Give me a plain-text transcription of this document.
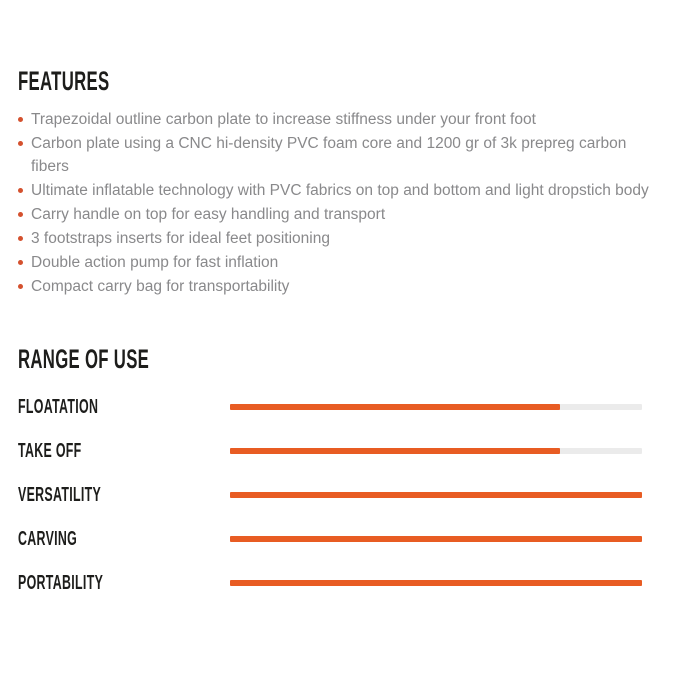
FEATURES
Trapezoidal outline carbon plate to increase stiffness under your front foot
Carbon plate using a CNC hi-density PVC foam core and 1200 gr of 3k prepreg carbon fibers
Ultimate inflatable technology with PVC fabrics on top and bottom and light dropstich body
Carry handle on top for easy handling and transport
3 footstraps inserts for ideal feet positioning
Double action pump for fast inflation
Compact carry bag for transportability
RANGE OF USE
FLOATATION
TAKE OFF
VERSATILITY
CARVING
PORTABILITY
